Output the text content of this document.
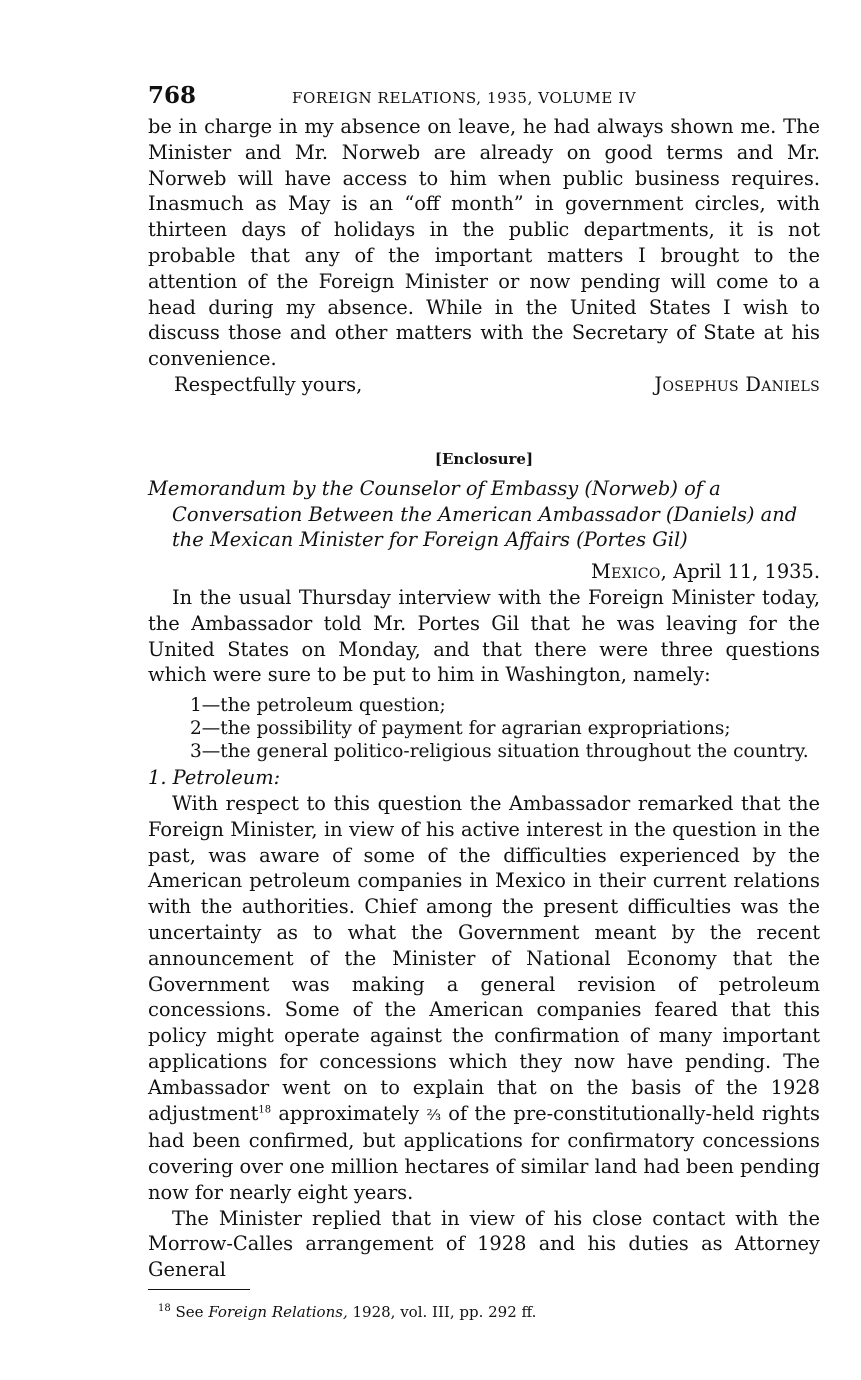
768	FOREIGN RELATIONS, 1935, VOLUME IV

be in charge in my absence on leave, he had always shown me. The Minister and Mr. Norweb are already on good terms and Mr. Norweb will have access to him when public business requires. Inasmuch as May is an “off month” in government circles, with thirteen days of holidays in the public departments, it is not probable that any of the important matters I brought to the attention of the Foreign Minister or now pending will come to a head during my absence. While in the United States I wish to discuss those and other matters with the Secretary of State at his convenience.

Respectfully yours,	Josephus Daniels
[Enclosure]

Memorandum by the Counselor of Embassy (Norweb) of a Conversation Between the American Ambassador (Daniels) and the Mexican Minister for Foreign Affairs (Portes Gil)

Mexico, April 11, 1935.

In the usual Thursday interview with the Foreign Minister today, the Ambassador told Mr. Portes Gil that he was leaving for the United States on Monday, and that there were three questions which were sure to be put to him in Washington, namely:

1—the petroleum question;
2—the possibility of payment for agrarian expropriations;
3—the general politico-religious situation throughout the country.
1. Petroleum:

With respect to this question the Ambassador remarked that the Foreign Minister, in view of his active interest in the question in the past, was aware of some of the difficulties experienced by the American petroleum companies in Mexico in their current relations with the authorities. Chief among the present difficulties was the uncertainty as to what the Government meant by the recent announcement of the Minister of National Economy that the Government was making a general revision of petroleum concessions. Some of the American companies feared that this policy might operate against the confirmation of many important applications for concessions which they now have pending. The Ambassador went on to explain that on the basis of the 1928 adjustment$^{18}$ approximately ⅔ of the pre-constitutionally-held rights had been confirmed, but applications for confirmatory concessions covering over one million hectares of similar land had been pending now for nearly eight years.

The Minister replied that in view of his close contact with the Morrow-Calles arrangement of 1928 and his duties as Attorney General

$^{18}$ See Foreign Relations, 1928, vol. III, pp. 292 ff.
